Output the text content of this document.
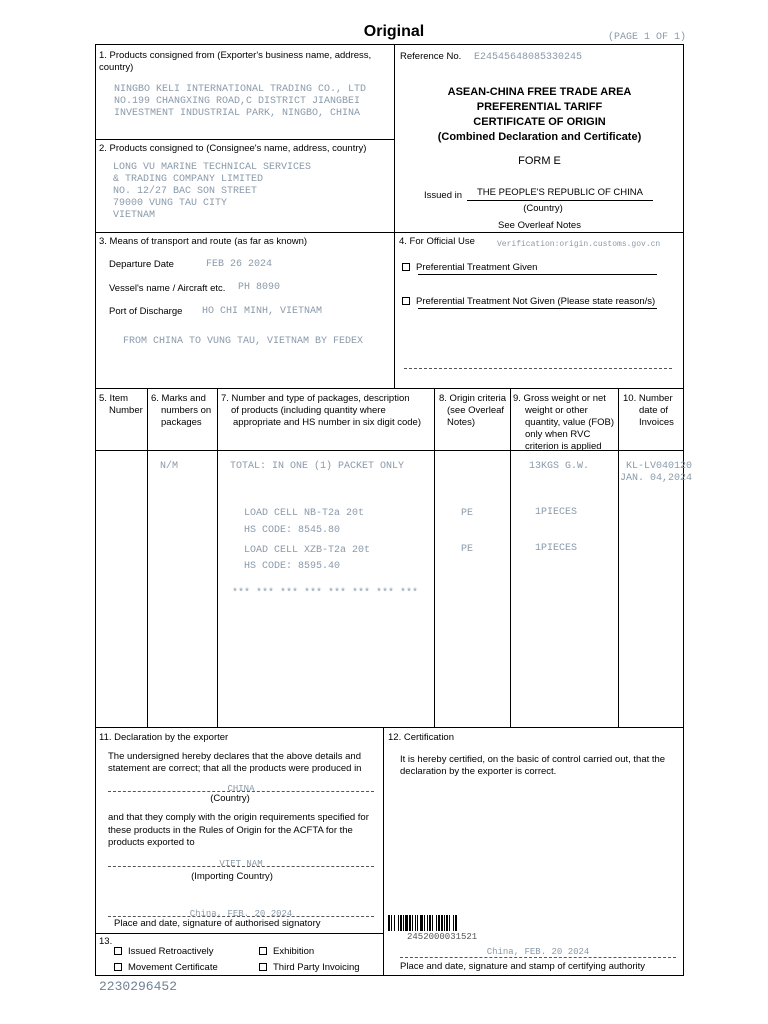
Original	(PAGE 1 OF 1)
1. Products consigned from (Exporter's business name, address, country)
NINGBO KELI INTERNATIONAL TRADING CO., LTD
NO.199 CHANGXING ROAD,C DISTRICT JIANGBEI
INVESTMENT INDUSTRIAL PARK, NINGBO, CHINA
Reference No. E24545648085330245
ASEAN-CHINA FREE TRADE AREA
PREFERENTIAL TARIFF
CERTIFICATE OF ORIGIN
(Combined Declaration and Certificate)
FORM E
Issued in	THE PEOPLE'S REPUBLIC OF CHINA
(Country)
See Overleaf Notes
2. Products consigned to (Consignee's name, address, country)
LONG VU MARINE TECHNICAL SERVICES
& TRADING COMPANY LIMITED
NO. 12/27 BAC SON STREET
79000 VUNG TAU CITY
VIETNAM
3. Means of transport and route (as far as known)
Departure Date	FEB 26 2024
Vessel's name / Aircraft etc. PH 8090
Port of Discharge HO CHI MINH, VIETNAM
FROM CHINA TO VUNG TAU, VIETNAM BY FEDEX
4. For Official Use	Verification:origin.customs.gov.cn
Preferential Treatment Given
Preferential Treatment Not Given (Please state reason/s)
5. Item
Number
6. Marks and
numbers on
packages
7. Number and type of packages, description
of products (including quantity where
appropriate and HS number in six digit code)
8. Origin criteria
(see Overleaf
Notes)
9. Gross weight or net
weight or other
quantity, value (FOB)
only when RVC
criterion is applied
10. Number
date of
Invoices
N/M	TOTAL: IN ONE (1) PACKET ONLY	13KGS G.W.	KL-LV040120
JAN. 04,2024
LOAD CELL NB-T2a 20t
HS CODE: 8545.80
PE	1PIECES
LOAD CELL XZB-T2a 20t
HS CODE: 8595.40
PE	1PIECES
*** *** *** *** *** *** *** ***
11. Declaration by the exporter
The undersigned hereby declares that the above details and
statement are correct; that all the products were produced in
CHINA
(Country)
and that they comply with the origin requirements specified for
these products in the Rules of Origin for the ACFTA for the
products exported to
VIET NAM
(Importing Country)
China, FEB. 20 2024
Place and date, signature of authorised signatory
12. Certification
It is hereby certified, on the basic of control carried out, that the
declaration by the exporter is correct.
2452000031521
China, FEB. 20 2024
Place and date, signature and stamp of certifying authority
13.
Issued Retroactively	Exhibition
Movement Certificate	Third Party Invoicing
2230296452
